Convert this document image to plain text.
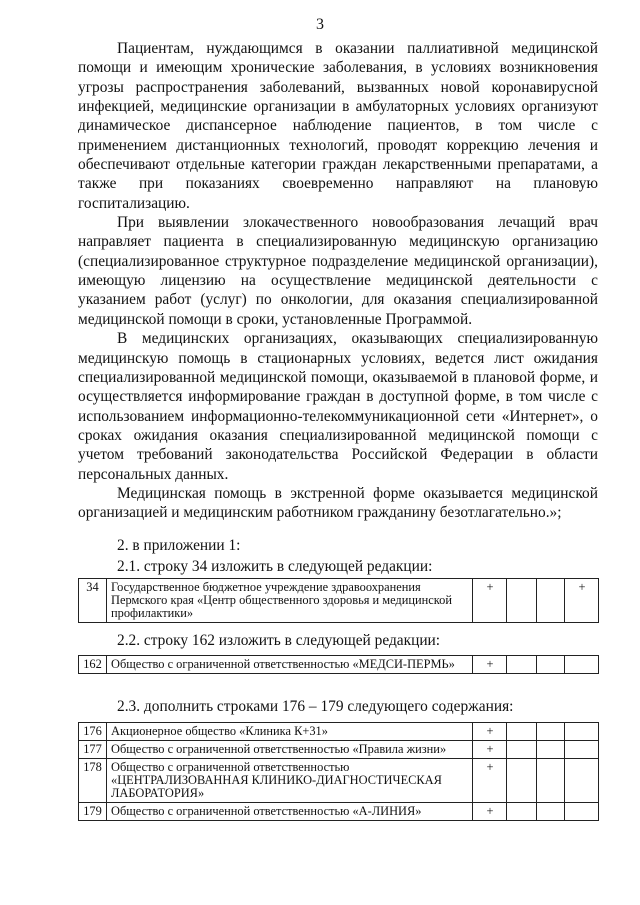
3

Пациентам, нуждающимся в оказании паллиативной медицинской помощи и имеющим хронические заболевания, в условиях возникновения угрозы распространения заболеваний, вызванных новой коронавирусной инфекцией, медицинские организации в амбулаторных условиях организуют динамическое диспансерное наблюдение пациентов, в том числе с применением дистанционных технологий, проводят коррекцию лечения и обеспечивают отдельные категории граждан лекарственными препаратами, а также при показаниях своевременно направляют на плановую госпитализацию.

При выявлении злокачественного новообразования лечащий врач направляет пациента в специализированную медицинскую организацию (специализированное структурное подразделение медицинской организации), имеющую лицензию на осуществление медицинской деятельности с указанием работ (услуг) по онкологии, для оказания специализированной медицинской помощи в сроки, установленные Программой.

В медицинских организациях, оказывающих специализированную медицинскую помощь в стационарных условиях, ведется лист ожидания специализированной медицинской помощи, оказываемой в плановой форме, и осуществляется информирование граждан в доступной форме, в том числе с использованием информационно-телекоммуникационной сети «Интернет», о сроках ожидания оказания специализированной медицинской помощи с учетом требований законодательства Российской Федерации в области персональных данных.

Медицинская помощь в экстренной форме оказывается медицинской организацией и медицинским работником гражданину безотлагательно.»;

2. в приложении 1:
2.1. строку 34 изложить в следующей редакции:
34	Государственное бюджетное учреждение здравоохранения Пермского края «Центр общественного здоровья и медицинской профилактики»	+			+
2.2. строку 162 изложить в следующей редакции:
162	Общество с ограниченной ответственностью «МЕДСИ-ПЕРМЬ»	+			
2.3. дополнить строками 176 – 179 следующего содержания:
176	Акционерное общество «Клиника К+31»	+			
177	Общество с ограниченной ответственностью «Правила жизни»	+			
178	Общество с ограниченной ответственностью «ЦЕНТРАЛИЗОВАННАЯ КЛИНИКО-ДИАГНОСТИЧЕСКАЯ ЛАБОРАТОРИЯ»	+			
179	Общество с ограниченной ответственностью «А-ЛИНИЯ»	+			
